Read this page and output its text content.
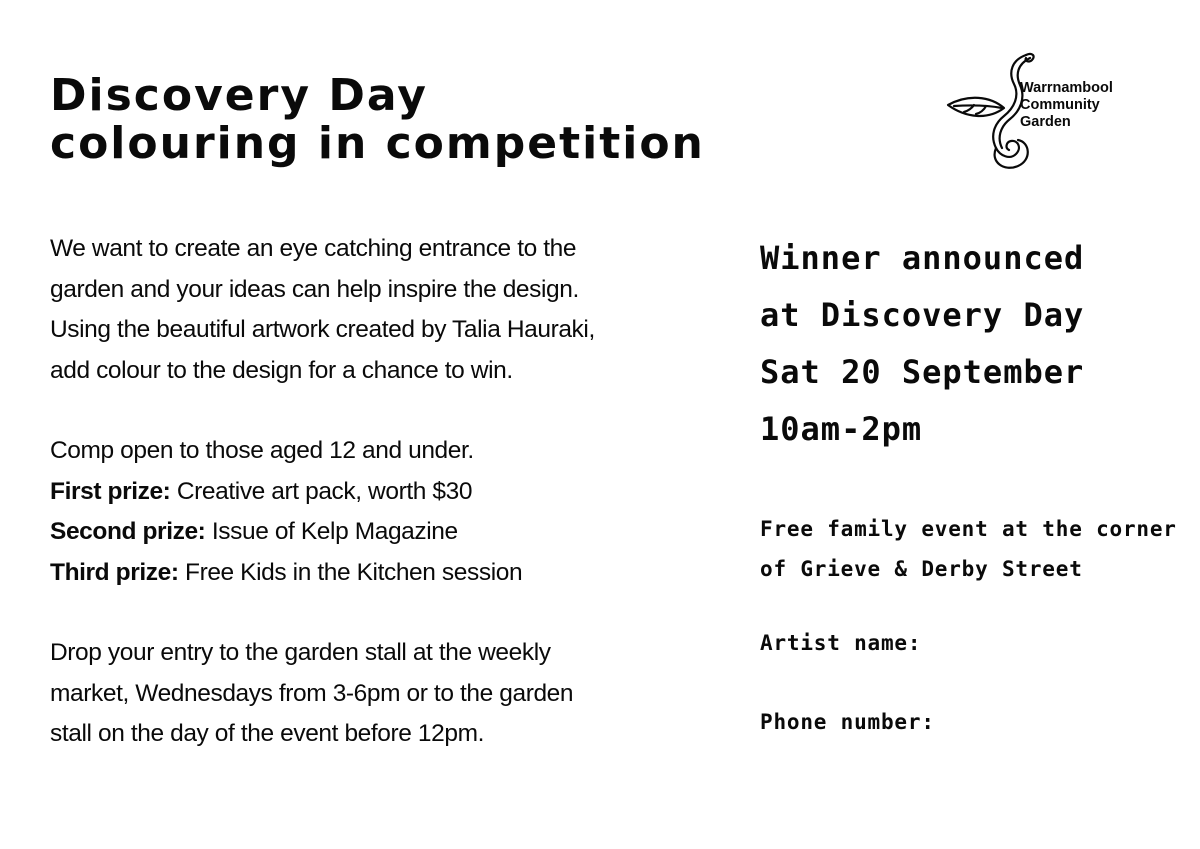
Discovery Day
colouring in competition
Warrnambool
Community
Garden

We want to create an eye catching entrance to the
garden and your ideas can help inspire the design.
Using the beautiful artwork created by Talia Hauraki,
add colour to the design for a chance to win.

Comp open to those aged 12 and under.
First prize: Creative art pack, worth $30
Second prize: Issue of Kelp Magazine
Third prize: Free Kids in the Kitchen session

Drop your entry to the garden stall at the weekly
market, Wednesdays from 3-6pm or to the garden
stall on the day of the event before 12pm.

Winner announced
at Discovery Day
Sat 20 September
10am-2pm

Free family event at the corner
of Grieve & Derby Street

Artist name:
Phone number:
